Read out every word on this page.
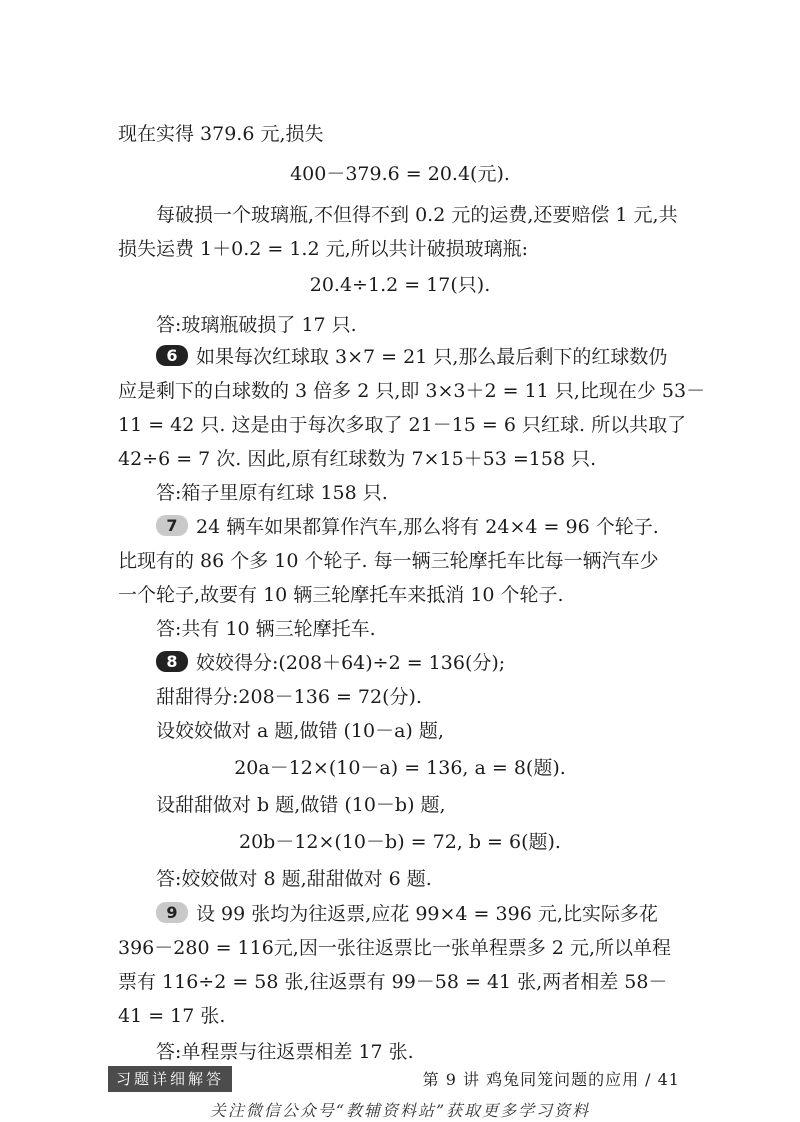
现在实得 379.6 元,损失
400－379.6 = 20.4(元).
每破损一个玻璃瓶,不但得不到 0.2 元的运费,还要赔偿 1 元,共
损失运费 1＋0.2 = 1.2 元,所以共计破损玻璃瓶:
20.4÷1.2 = 17(只).
答:玻璃瓶破损了 17 只.
6 如果每次红球取 3×7 = 21 只,那么最后剩下的红球数仍
应是剩下的白球数的 3 倍多 2 只,即 3×3＋2 = 11 只,比现在少 53－
11 = 42 只. 这是由于每次多取了 21－15 = 6 只红球. 所以共取了
42÷6 = 7 次. 因此,原有红球数为 7×15＋53 =158 只.
答:箱子里原有红球 158 只.
7 24 辆车如果都算作汽车,那么将有 24×4 = 96 个轮子.
比现有的 86 个多 10 个轮子. 每一辆三轮摩托车比每一辆汽车少
一个轮子,故要有 10 辆三轮摩托车来抵消 10 个轮子.
答:共有 10 辆三轮摩托车.
8 姣姣得分:(208＋64)÷2 = 136(分);
甜甜得分:208－136 = 72(分).
设姣姣做对 a 题,做错 (10－a) 题,
20a－12×(10－a) = 136, a = 8(题).
设甜甜做对 b 题,做错 (10－b) 题,
20b－12×(10－b) = 72, b = 6(题).
答:姣姣做对 8 题,甜甜做对 6 题.
9 设 99 张均为往返票,应花 99×4 = 396 元,比实际多花
396－280 = 116元,因一张往返票比一张单程票多 2 元,所以单程
票有 116÷2 = 58 张,往返票有 99－58 = 41 张,两者相差 58－
41 = 17 张.
答:单程票与往返票相差 17 张.
习题详细解答	第 9 讲 鸡兔同笼问题的应用 / 41
关注微信公众号“教辅资料站”获取更多学习资料
